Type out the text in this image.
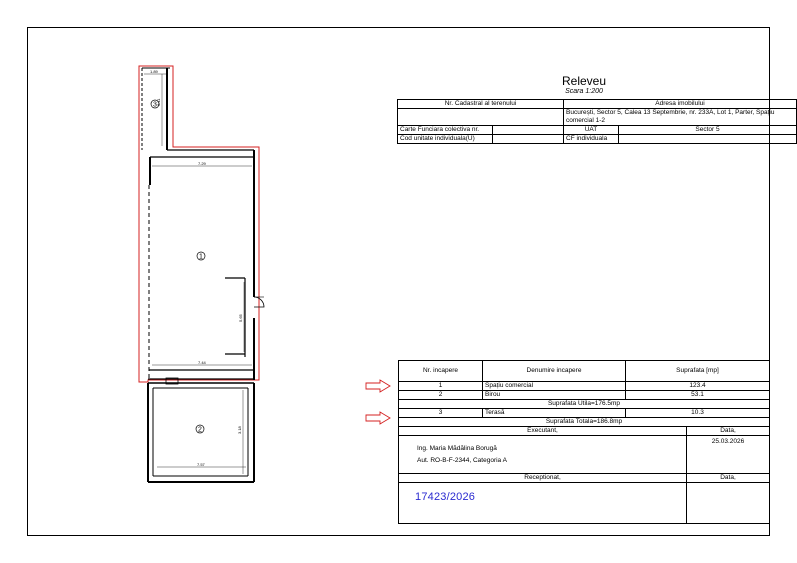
1.89
6.11
7.29
7.44
5.65
3.18
7.57
3
1
2
Releveu
Scara 1:200
Nr. Cadastral al terenului		Adresa imobilului	
		București, Sector 5, Calea 13 Septembrie, nr. 233A, Lot 1, Parter, Spațiu comercial 1-2	
Carte Funciara colectiva nr.		UAT	Sector 5
Cod unitate individuala(U)		CF individuala	
Nr. incapere	Denumire incapere	Suprafata [mp]	
1	Spațiu comercial	123.4	
2	Birou	53.1	
Suprafata Utila=176.5mp			
3	Terasă	10.3	
Suprafata Totala=186.8mp			
Executant,			Data,

Ing. Maria Mădălina Borugă
Aut. RO-B-F-2344, Categoria A			25.03.2026
Receptionat,			Data,

17423/2026
